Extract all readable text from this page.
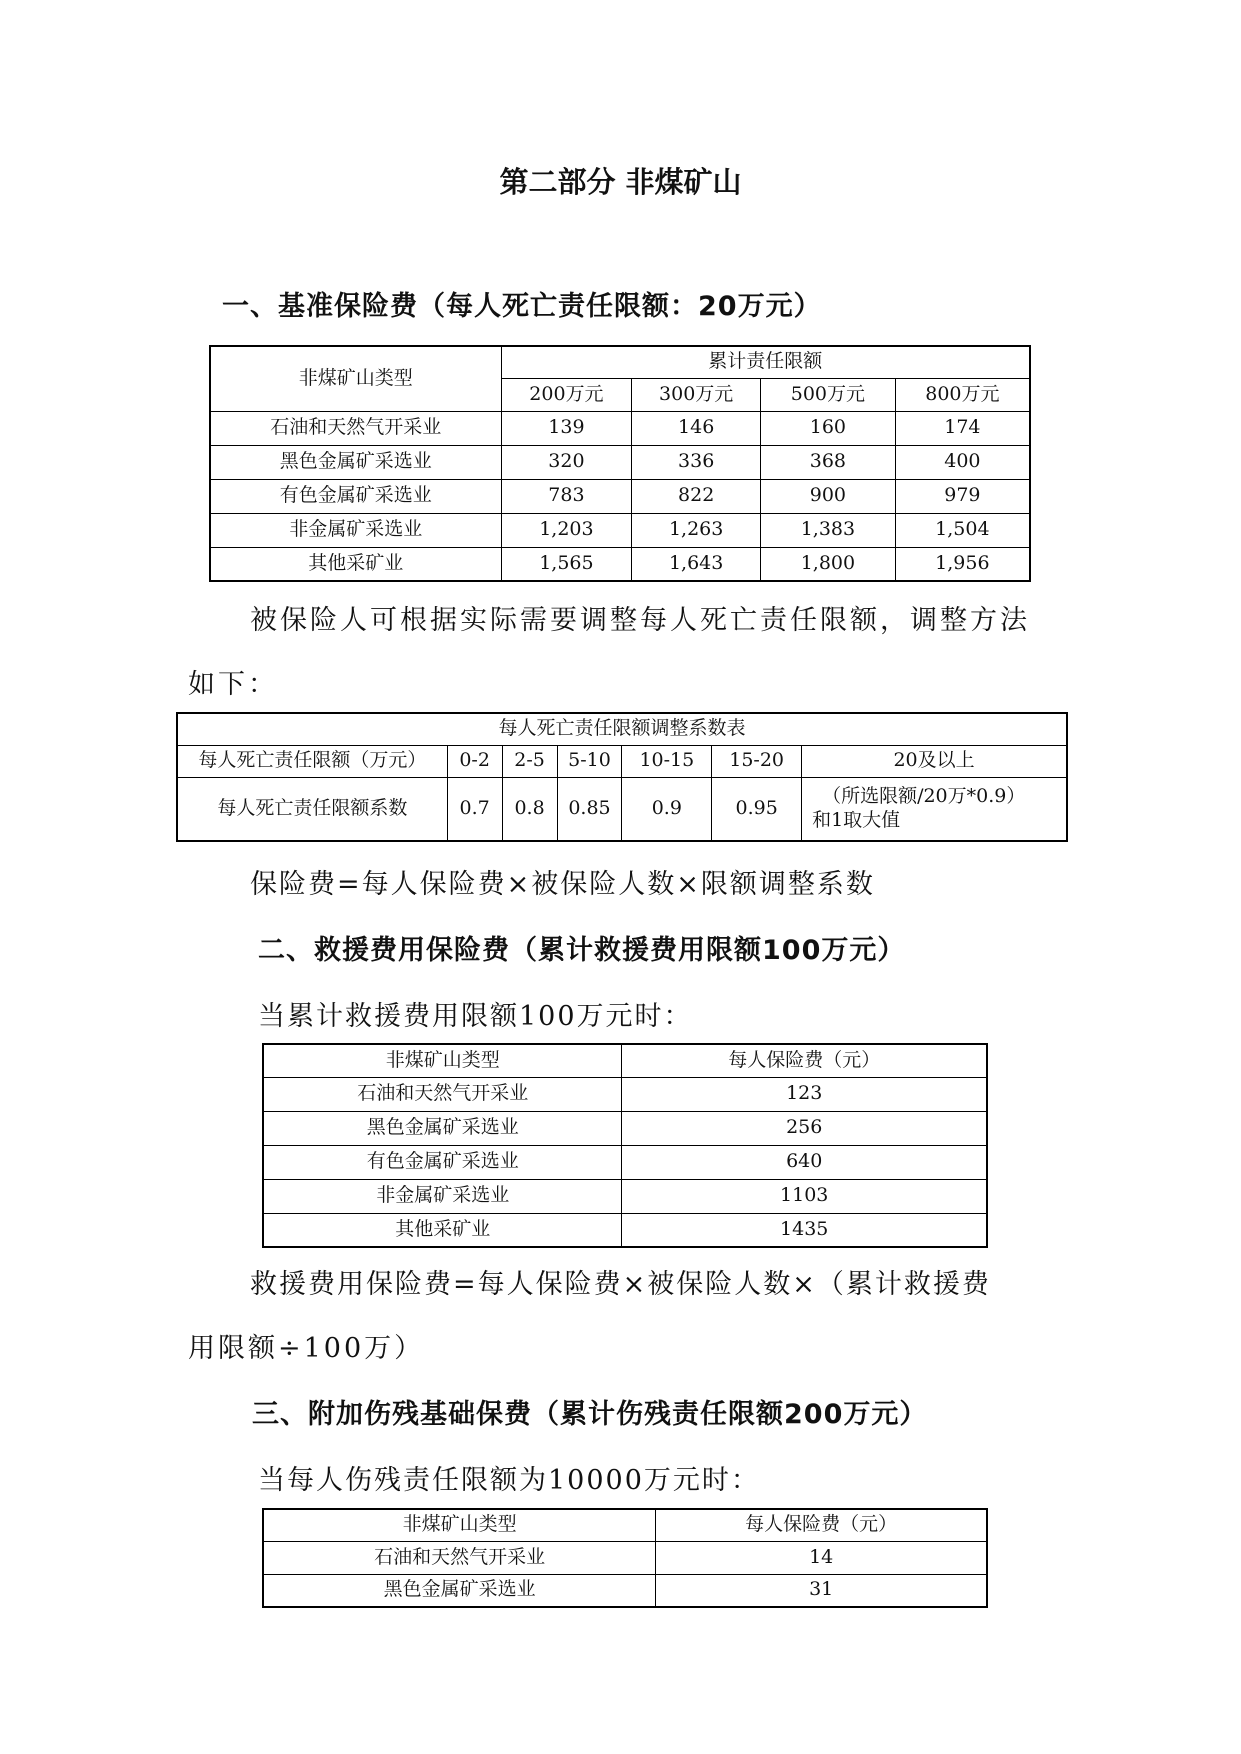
第二部分 非煤矿山
一、基准保险费（每人死亡责任限额：20万元）
非煤矿山类型	累计责任限额			
	200万元	300万元	500万元	800万元
石油和天然气开采业	139	146	160	174
黑色金属矿采选业	320	336	368	400
有色金属矿采选业	783	822	900	979
非金属矿采选业	1,203	1,263	1,383	1,504
其他采矿业	1,565	1,643	1,800	1,956
被保险人可根据实际需要调整每人死亡责任限额，调整方法
如下：
每人死亡责任限额调整系数表						
每人死亡责任限额（万元）	0-2	2-5	5-10	10-15	15-20	20及以上
每人死亡责任限额系数	0.7	0.8	0.85	0.9	0.95	（所选限额/20万*0.9）
和1取大值
保险费=每人保险费×被保险人数×限额调整系数
二、救援费用保险费（累计救援费用限额100万元）
当累计救援费用限额100万元时：
非煤矿山类型	每人保险费（元）
石油和天然气开采业	123
黑色金属矿采选业	256
有色金属矿采选业	640
非金属矿采选业	1103
其他采矿业	1435
救援费用保险费=每人保险费×被保险人数×（累计救援费
用限额÷100万）
三、附加伤残基础保费（累计伤残责任限额200万元）
当每人伤残责任限额为10000万元时：
非煤矿山类型	每人保险费（元）
石油和天然气开采业	14
黑色金属矿采选业	31
